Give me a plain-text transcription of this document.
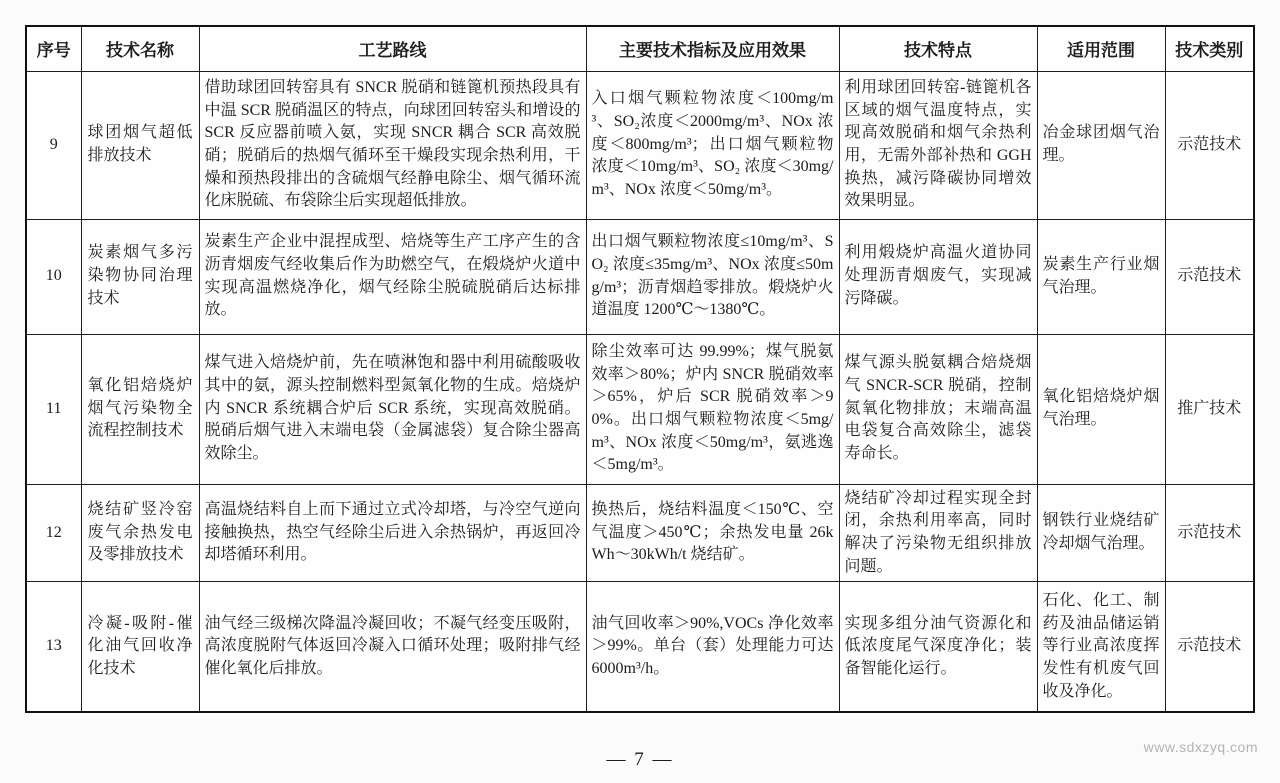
序号	技术名称	工艺路线	主要技术指标及应用效果	技术特点	适用范围	技术类别
9	球团烟气超低排放技术	借助球团回转窑具有 SNCR 脱硝和链篦机预热段具有中温 SCR 脱硝温区的特点，向球团回转窑头和增设的 SCR 反应器前喷入氨，实现 SNCR 耦合 SCR 高效脱硝；脱硝后的热烟气循环至干燥段实现余热利用，干燥和预热段排出的含硫烟气经静电除尘、烟气循环流化床脱硫、布袋除尘后实现超低排放。	入口烟气颗粒物浓度＜100mg/m³、SO₂浓度＜2000mg/m³、NOx 浓度＜800mg/m³；出口烟气颗粒物浓度＜10mg/m³、SO₂ 浓度＜30mg/m³、NOx 浓度＜50mg/m³。	利用球团回转窑-链篦机各区域的烟气温度特点，实现高效脱硝和烟气余热利用，无需外部补热和 GGH 换热，减污降碳协同增效效果明显。	冶金球团烟气治理。	示范技术
10	炭素烟气多污染物协同治理技术	炭素生产企业中混捏成型、焙烧等生产工序产生的含沥青烟废气经收集后作为助燃空气，在煅烧炉火道中实现高温燃烧净化，烟气经除尘脱硫脱硝后达标排放。	出口烟气颗粒物浓度≤10mg/m³、SO₂ 浓度≤35mg/m³、NOx 浓度≤50mg/m³；沥青烟趋零排放。煅烧炉火道温度 1200℃～1380℃。	利用煅烧炉高温火道协同处理沥青烟废气，实现减污降碳。	炭素生产行业烟气治理。	示范技术
11	氧化铝焙烧炉烟气污染物全流程控制技术	煤气进入焙烧炉前，先在喷淋饱和器中利用硫酸吸收其中的氨，源头控制燃料型氮氧化物的生成。焙烧炉内 SNCR 系统耦合炉后 SCR 系统，实现高效脱硝。脱硝后烟气进入末端电袋（金属滤袋）复合除尘器高效除尘。	除尘效率可达 99.99%；煤气脱氨效率＞80%；炉内 SNCR 脱硝效率＞65%，炉后 SCR 脱硝效率＞90%。出口烟气颗粒物浓度＜5mg/m³、NOx 浓度＜50mg/m³，氨逃逸＜5mg/m³。	煤气源头脱氨耦合焙烧烟气 SNCR-SCR 脱硝，控制氮氧化物排放；末端高温电袋复合高效除尘，滤袋寿命长。	氧化铝焙烧炉烟气治理。	推广技术
12	烧结矿竖冷窑废气余热发电及零排放技术	高温烧结料自上而下通过立式冷却塔，与冷空气逆向接触换热，热空气经除尘后进入余热锅炉，再返回冷却塔循环利用。	换热后，烧结料温度＜150℃、空气温度＞450℃；余热发电量 26kWh～30kWh/t 烧结矿。	烧结矿冷却过程实现全封闭，余热利用率高，同时解决了污染物无组织排放问题。	钢铁行业烧结矿冷却烟气治理。	示范技术
13	冷凝-吸附-催化油气回收净化技术	油气经三级梯次降温冷凝回收；不凝气经变压吸附，高浓度脱附气体返回冷凝入口循环处理；吸附排气经催化氧化后排放。	油气回收率＞90%,VOCs 净化效率＞99%。单台（套）处理能力可达 6000m³/h。	实现多组分油气资源化和低浓度尾气深度净化；装备智能化运行。	石化、化工、制药及油品储运销等行业高浓度挥发性有机废气回收及净化。	示范技术
— 7 —
www.sdxzyq.com
